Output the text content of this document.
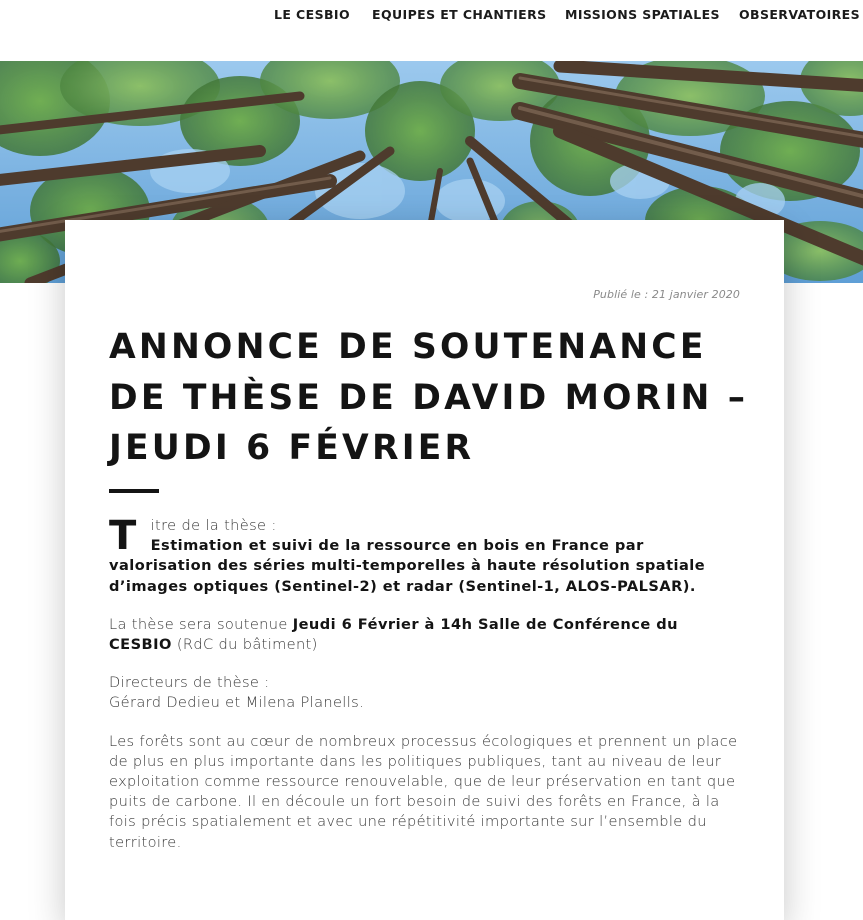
LE CESBIO EQUIPES ET CHANTIERS MISSIONS SPATIALES OBSERVATOIRES
Publié le : 21 janvier 2020
ANNONCE DE SOUTENANCE DE THÈSE DE DAVID MORIN – JEUDI 6 FÉVRIER

Titre de la thèse :
Estimation et suivi de la ressource en bois en France par valorisation des séries multi-temporelles à haute résolution spatiale d’images optiques (Sentinel-2) et radar (Sentinel-1, ALOS-PALSAR).

La thèse sera soutenue Jeudi 6 Février à 14h Salle de Conférence du CESBIO (RdC du bâtiment)

Directeurs de thèse :
Gérard Dedieu et Milena Planells.

Les forêts sont au cœur de nombreux processus écologiques et prennent un place de plus en plus importante dans les politiques publiques, tant au niveau de leur exploitation comme ressource renouvelable, que de leur préservation en tant que puits de carbone. Il en découle un fort besoin de suivi des forêts en France, à la fois précis spatialement et avec une répétitivité importante sur l’ensemble du territoire.
